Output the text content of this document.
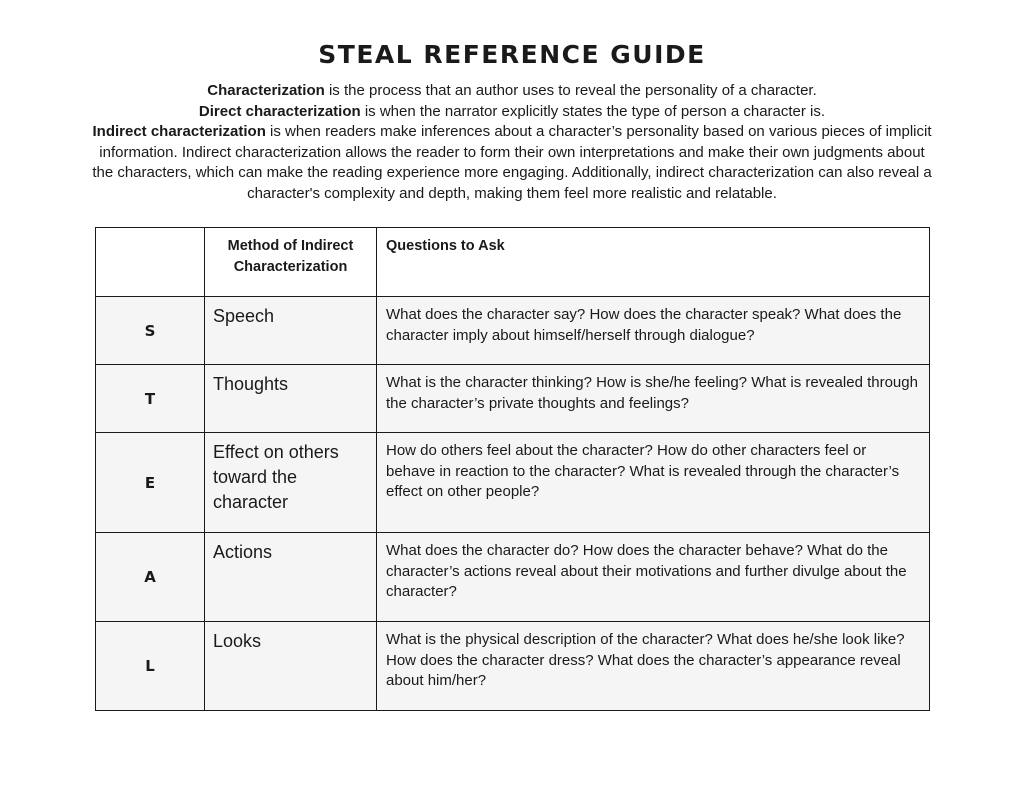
STEAL REFERENCE GUIDE

Characterization is the process that an author uses to reveal the personality of a character.

Direct characterization is when the narrator explicitly states the type of person a character is.

Indirect characterization is when readers make inferences about a character’s personality based on various pieces of implicit information. Indirect characterization allows the reader to form their own interpretations and make their own judgments about the characters, which can make the reading experience more engaging. Additionally, indirect characterization can also reveal a character's complexity and depth, making them feel more realistic and relatable.

	Method of Indirect Characterization	Questions to Ask
S	Speech	What does the character say? How does the character speak? What does the character imply about himself/herself through dialogue?
T	Thoughts	What is the character thinking? How is she/he feeling? What is revealed through the character’s private thoughts and feelings?
E	Effect on others toward the character	How do others feel about the character? How do other characters feel or behave in reaction to the character? What is revealed through the character’s effect on other people?
A	Actions	What does the character do? How does the character behave? What do the character’s actions reveal about their motivations and further divulge about the character?
L	Looks	What is the physical description of the character? What does he/she look like? How does the character dress? What does the character’s appearance reveal about him/her?
